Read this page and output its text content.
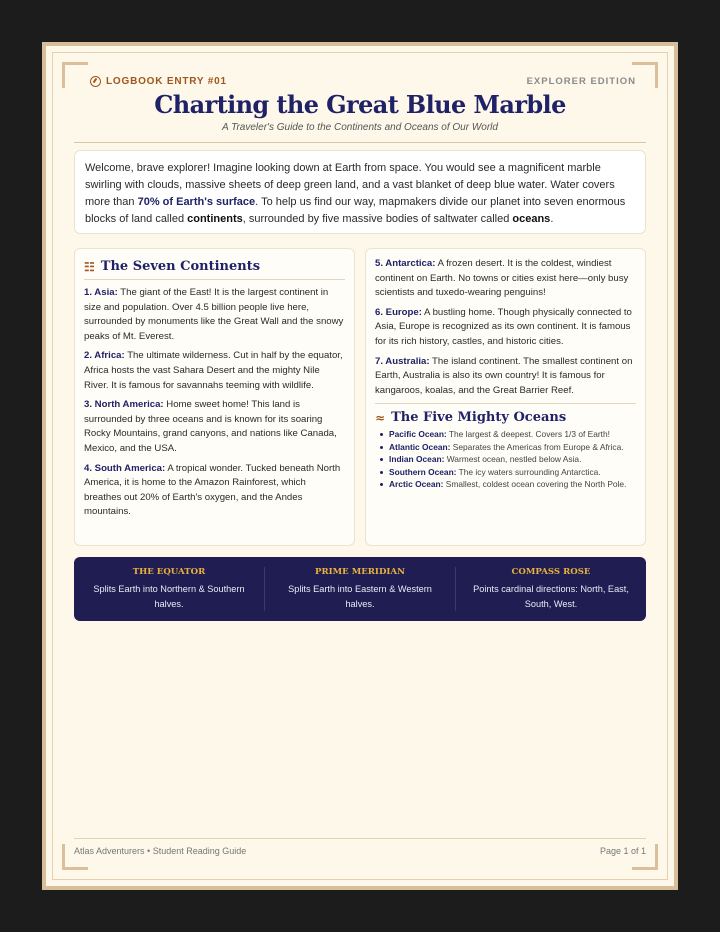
LOGBOOK ENTRY #01	EXPLORER EDITION
Charting the Great Blue Marble
A Traveler's Guide to the Continents and Oceans of Our World
Welcome, brave explorer! Imagine looking down at Earth from space. You would see a magnificent marble swirling with clouds, massive sheets of deep green land, and a vast blanket of deep blue water. Water covers more than 70% of Earth's surface. To help us find our way, mapmakers divide our planet into seven enormous blocks of land called continents, surrounded by five massive bodies of saltwater called oceans.
☷ The Seven Continents

1. Asia: The giant of the East! It is the largest continent in size and population. Over 4.5 billion people live here, surrounded by monuments like the Great Wall and the snowy peaks of Mt. Everest.

2. Africa: The ultimate wilderness. Cut in half by the equator, Africa hosts the vast Sahara Desert and the mighty Nile River. It is famous for savannahs teeming with wildlife.

3. North America: Home sweet home! This land is surrounded by three oceans and is known for its soaring Rocky Mountains, grand canyons, and nations like Canada, Mexico, and the USA.

4. South America: A tropical wonder. Tucked beneath North America, it is home to the Amazon Rainforest, which breathes out 20% of Earth's oxygen, and the Andes mountains.

5. Antarctica: A frozen desert. It is the coldest, windiest continent on Earth. No towns or cities exist here—only busy scientists and tuxedo-wearing penguins!

6. Europe: A bustling home. Though physically connected to Asia, Europe is recognized as its own continent. It is famous for its rich history, castles, and historic cities.

7. Australia: The island continent. The smallest continent on Earth, Australia is also its own country! It is famous for kangaroos, koalas, and the Great Barrier Reef.

≈ The Five Mighty Oceans
Pacific Ocean: The largest & deepest. Covers 1/3 of Earth!
Atlantic Ocean: Separates the Americas from Europe & Africa.
Indian Ocean: Warmest ocean, nestled below Asia.
Southern Ocean: The icy waters surrounding Antarctica.
Arctic Ocean: Smallest, coldest ocean covering the North Pole.
THE EQUATOR
Splits Earth into Northern & Southern halves.
PRIME MERIDIAN
Splits Earth into Eastern & Western halves.
COMPASS ROSE
Points cardinal directions: North, East, South, West.
Atlas Adventurers • Student Reading Guide	Page 1 of 1
